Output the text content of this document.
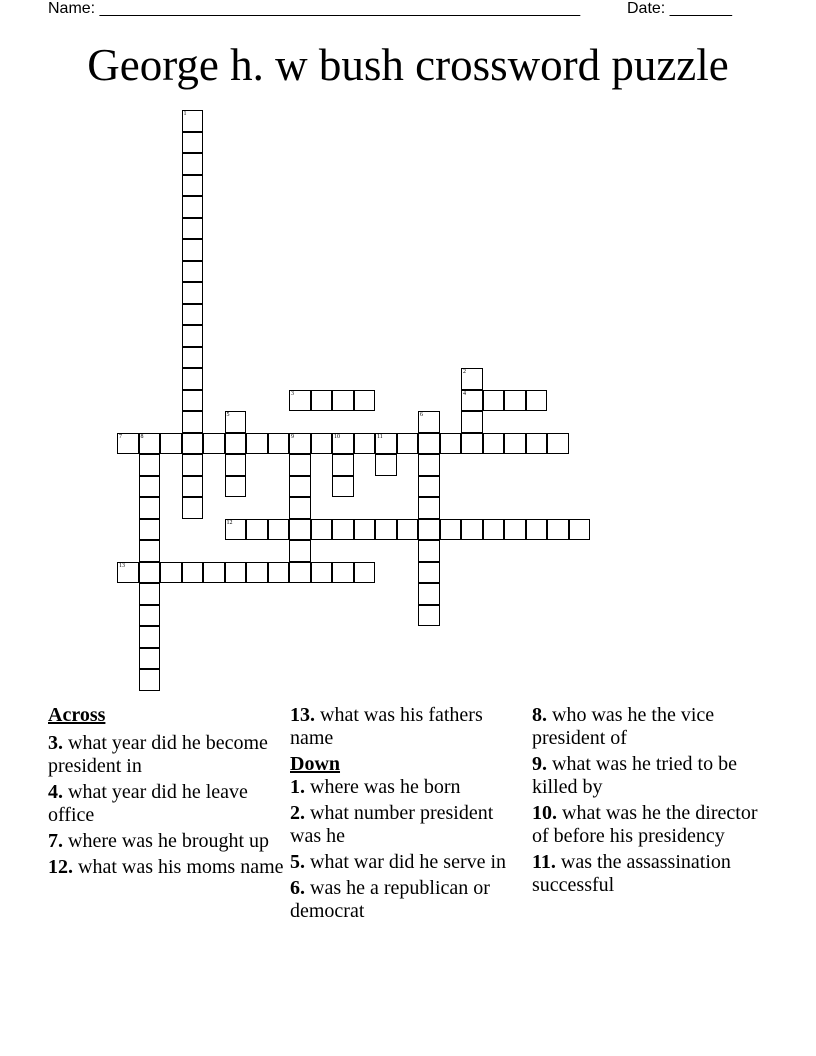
Name: ______________________________________________________	Date: _______
George h. w bush crossword puzzle
1
2
4
3
5	6
7	8	9	10	11
12
13

Across

3. what year did he become president in

4. what year did he leave office

7. where was he brought up

12. what was his moms name

13. what was his fathers name

Down

1. where was he born

2. what number president was he

5. what war did he serve in

6. was he a republican or democrat

8. who was he the vice president of

9. what was he tried to be killed by

10. what was he the director of before his presidency

11. was the assassination successful
